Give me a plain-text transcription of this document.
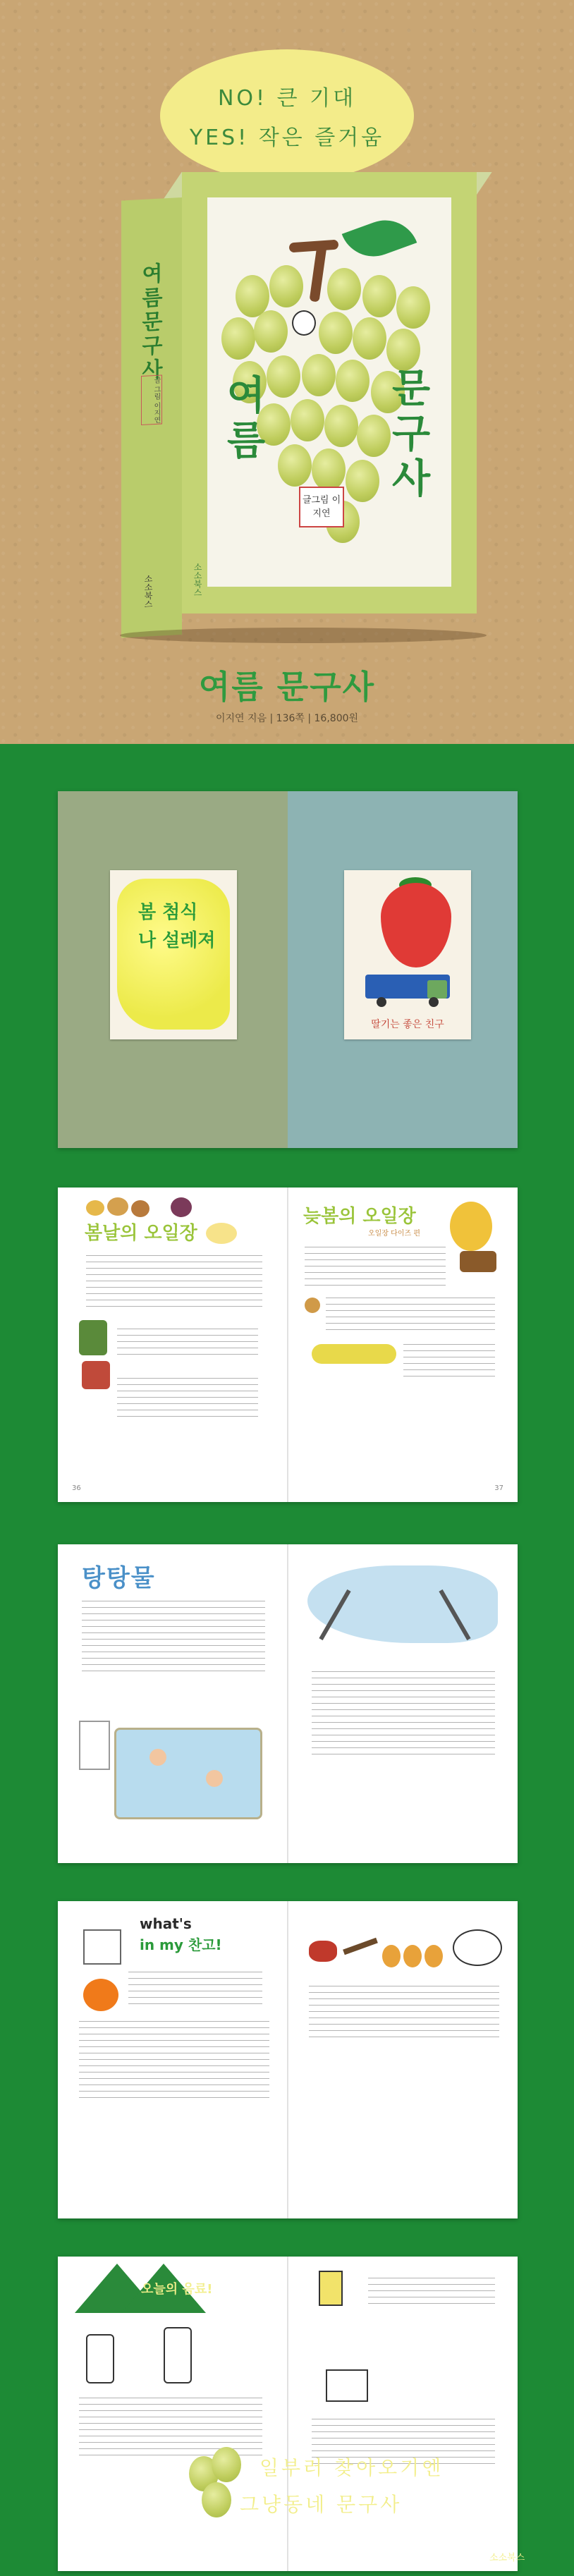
NO! 큰 기대
YES! 작은 즐거움
여름문구사
글 그림 이지연
소소북스
여름
문구사
글그림 이지연
소소북스
여름 문구사
이지연 지음 | 136쪽 | 16,800원
봄 첨식 나 설레져
딸기는 좋은 친구
봄날의 오일장
36
늦봄의 오일장
오일장 다이즈 편
37
탕탕물
what's
in my 찬고!
오늘의 음료!
일부러 찾아오기엔
그냥동네 문구사
소소북스
